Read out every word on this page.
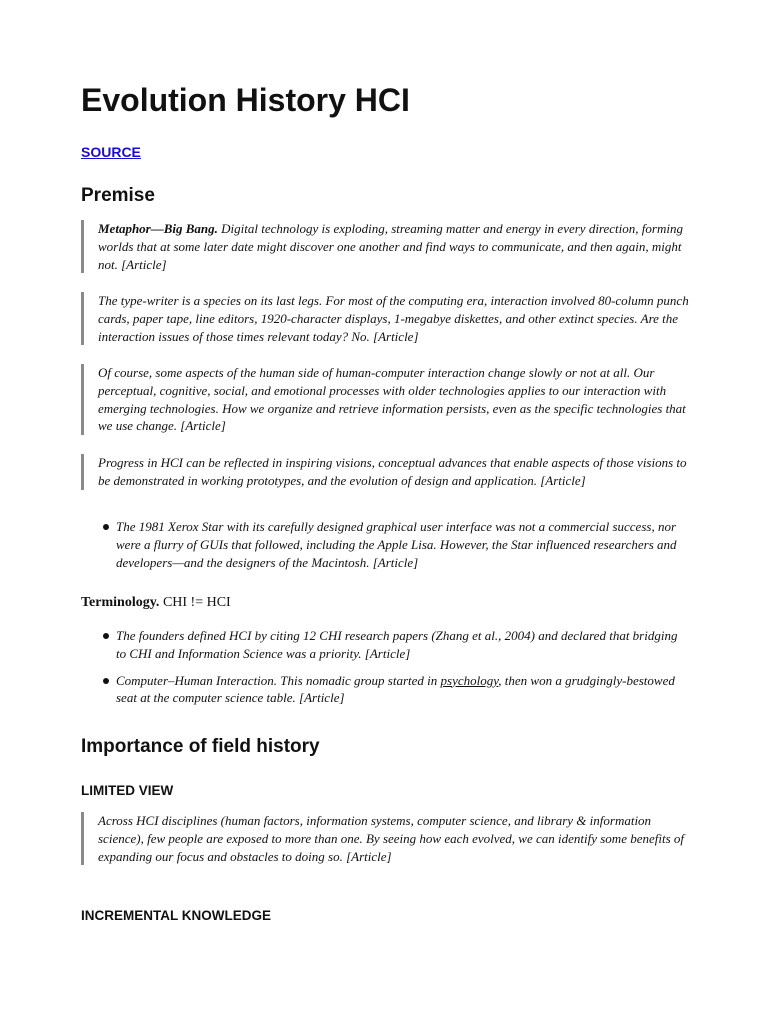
Evolution History HCI
SOURCE
Premise
Metaphor—Big Bang. Digital technology is exploding, streaming matter and energy in every direction, forming worlds that at some later date might discover one another and find ways to communicate, and then again, might not. [Article]
The type-writer is a species on its last legs. For most of the computing era, interaction involved 80-column punch cards, paper tape, line editors, 1920-character displays, 1-megabye diskettes, and other extinct species. Are the interaction issues of those times relevant today? No. [Article]
Of course, some aspects of the human side of human-computer interaction change slowly or not at all. Our perceptual, cognitive, social, and emotional processes with older technologies applies to our interaction with emerging technologies. How we organize and retrieve information persists, even as the specific technologies that we use change. [Article]
Progress in HCI can be reflected in inspiring visions, conceptual advances that enable aspects of those visions to be demonstrated in working prototypes, and the evolution of design and application. [Article]
The 1981 Xerox Star with its carefully designed graphical user interface was not a commercial success, nor were a flurry of GUIs that followed, including the Apple Lisa. However, the Star influenced researchers and developers—and the designers of the Macintosh. [Article]
Terminology. CHI != HCI
The founders defined HCI by citing 12 CHI research papers (Zhang et al., 2004) and declared that bridging to CHI and Information Science was a priority. [Article]
Computer–Human Interaction. This nomadic group started in psychology, then won a grudgingly-bestowed seat at the computer science table. [Article]
Importance of field history
LIMITED VIEW
Across HCI disciplines (human factors, information systems, computer science, and library & information science), few people are exposed to more than one. By seeing how each evolved, we can identify some benefits of expanding our focus and obstacles to doing so. [Article]
INCREMENTAL KNOWLEDGE
